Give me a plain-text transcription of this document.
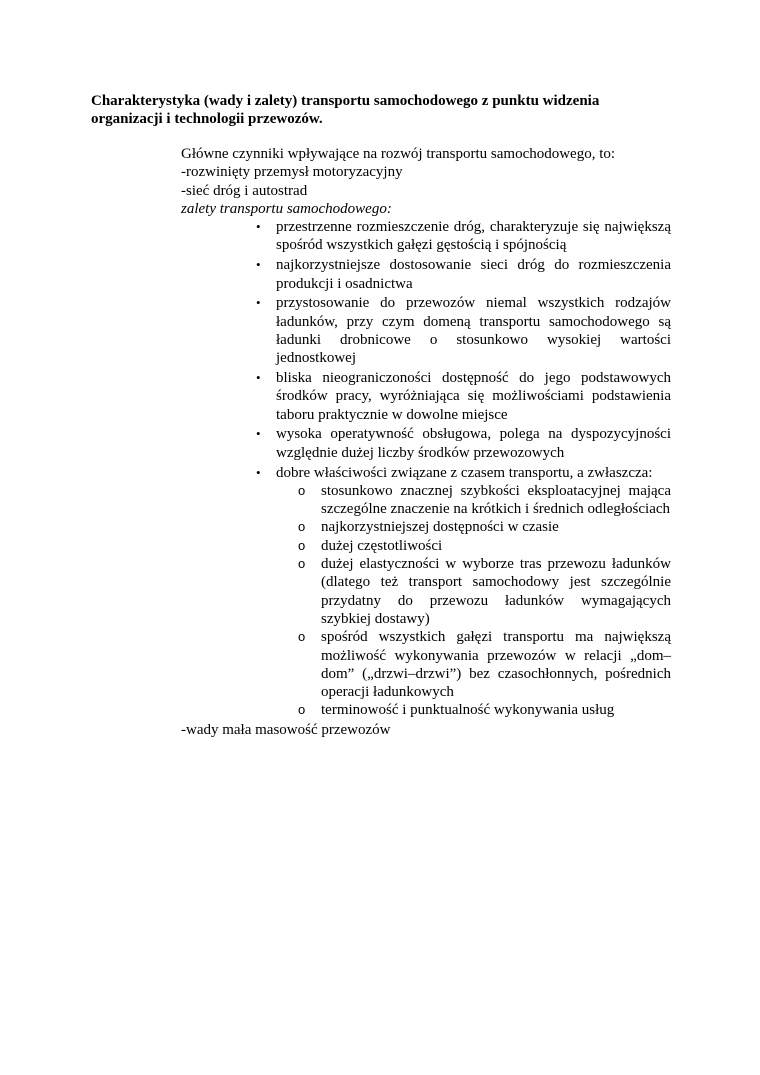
Charakterystyka (wady i zalety) transportu samochodowego z punktu widzenia organizacji i technologii przewozów.

Główne czynniki wpływające na rozwój transportu samochodowego, to:
-rozwinięty przemysł motoryzacyjny
-sieć dróg i autostrad
zalety transportu samochodowego:
• przestrzenne rozmieszczenie dróg, charakteryzuje się największą spośród wszystkich gałęzi gęstością i spójnością
• najkorzystniejsze dostosowanie sieci dróg do rozmieszczenia produkcji i osadnictwa
• przystosowanie do przewozów niemal wszystkich rodzajów ładunków, przy czym domeną transportu samochodowego są ładunki drobnicowe o stosunkowo wysokiej wartości jednostkowej
• bliska nieograniczoności dostępność do jego podstawowych środków pracy, wyróżniająca się możliwościami podstawienia taboru praktycznie w dowolne miejsce
• wysoka operatywność obsługowa, polega na dyspozycyjności względnie dużej liczby środków przewozowych
• dobre właściwości związane z czasem transportu, a zwłaszcza:
o stosunkowo znacznej szybkości eksploatacyjnej mająca szczególne znaczenie na krótkich i średnich odległościach
o najkorzystniejszej dostępności w czasie
o dużej częstotliwości
o dużej elastyczności w wyborze tras przewozu ładunków (dlatego też transport samochodowy jest szczególnie przydatny do przewozu ładunków wymagających szybkiej dostawy)
o spośród wszystkich gałęzi transportu ma największą możliwość wykonywania przewozów w relacji „dom–dom” („drzwi–drzwi”) bez czasochłonnych, pośrednich operacji ładunkowych
o terminowość i punktualność wykonywania usług
-wady mała masowość przewozów
